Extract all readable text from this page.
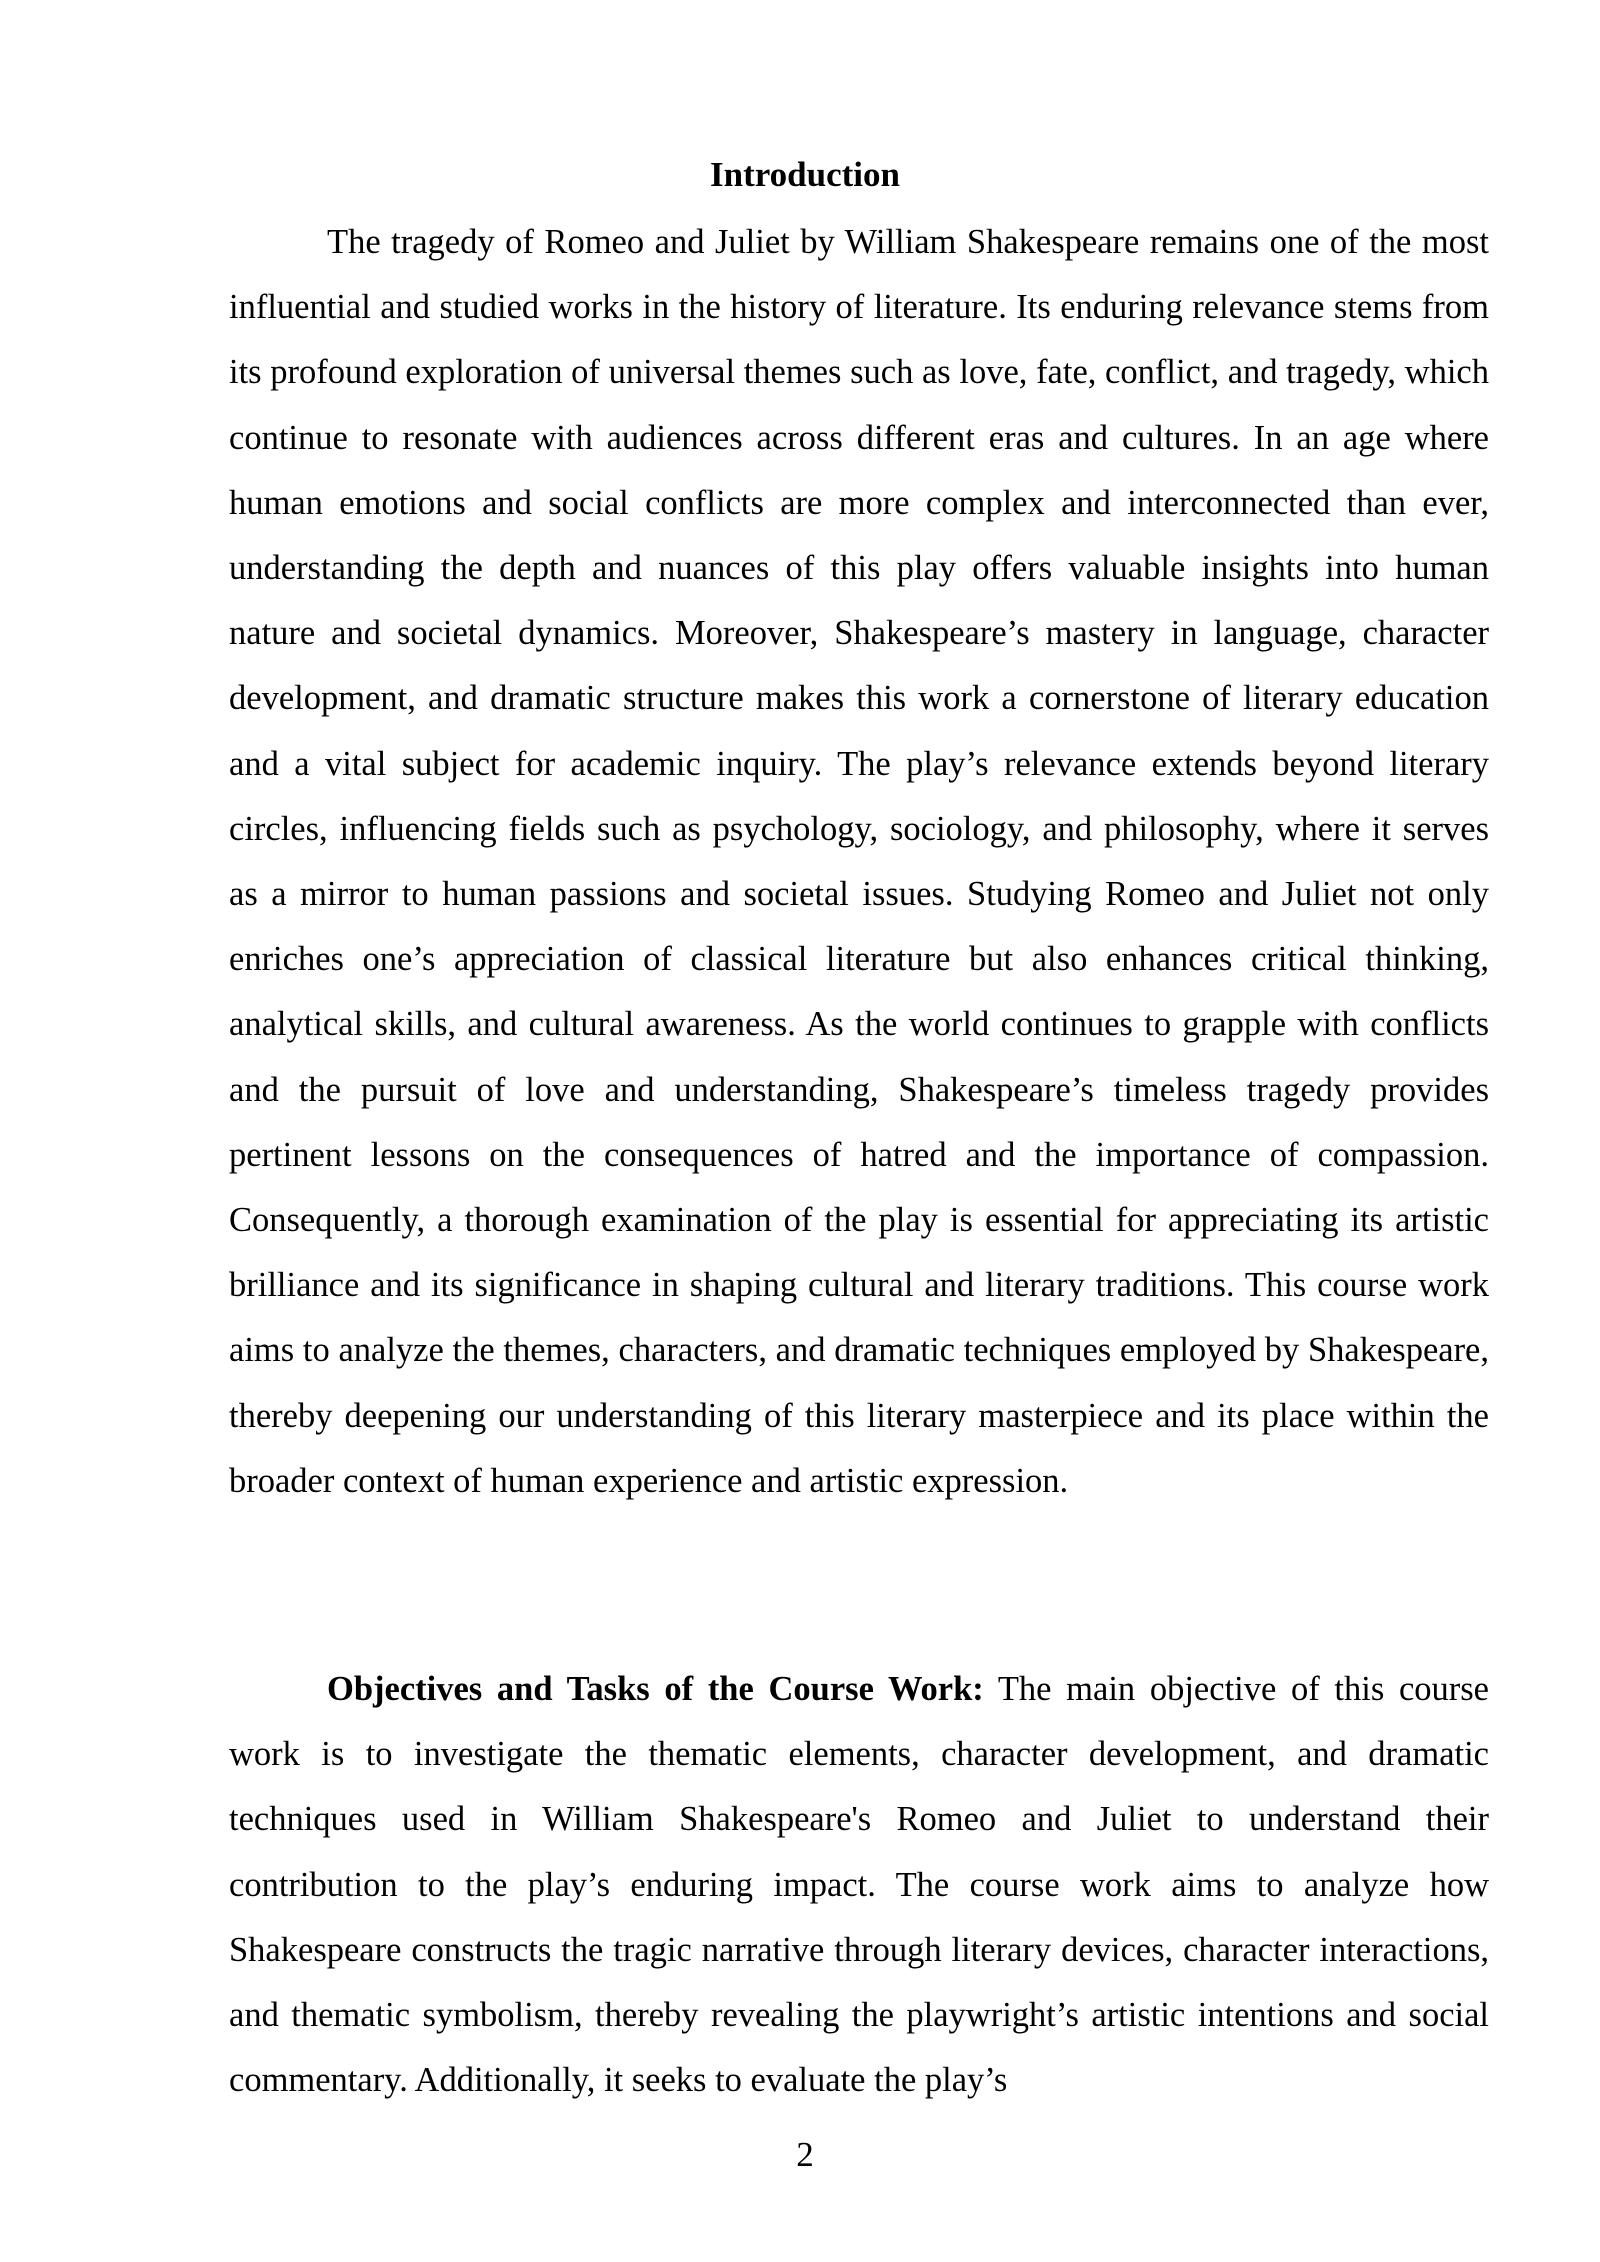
Introduction

The tragedy of Romeo and Juliet by William Shakespeare remains one of the most influential and studied works in the history of literature. Its enduring relevance stems from its profound exploration of universal themes such as love, fate, conflict, and tragedy, which continue to resonate with audiences across different eras and cultures. In an age where human emotions and social conflicts are more complex and interconnected than ever, understanding the depth and nuances of this play offers valuable insights into human nature and societal dynamics. Moreover, Shakespeare’s mastery in language, character development, and dramatic structure makes this work a cornerstone of literary education and a vital subject for academic inquiry. The play’s relevance extends beyond literary circles, influencing fields such as psychology, sociology, and philosophy, where it serves as a mirror to human passions and societal issues. Studying Romeo and Juliet not only enriches one’s appreciation of classical literature but also enhances critical thinking, analytical skills, and cultural awareness. As the world continues to grapple with conflicts and the pursuit of love and understanding, Shakespeare’s timeless tragedy provides pertinent lessons on the consequences of hatred and the importance of compassion. Consequently, a thorough examination of the play is essential for appreciating its artistic brilliance and its significance in shaping cultural and literary traditions. This course work aims to analyze the themes, characters, and dramatic techniques employed by Shakespeare, thereby deepening our understanding of this literary masterpiece and its place within the broader context of human experience and artistic expression.

Objectives and Tasks of the Course Work: The main objective of this course work is to investigate the thematic elements, character development, and dramatic techniques used in William Shakespeare's Romeo and Juliet to understand their contribution to the play’s enduring impact. The course work aims to analyze how Shakespeare constructs the tragic narrative through literary devices, character interactions, and thematic symbolism, thereby revealing the playwright’s artistic intentions and social commentary. Additionally, it seeks to evaluate the play’s

2
